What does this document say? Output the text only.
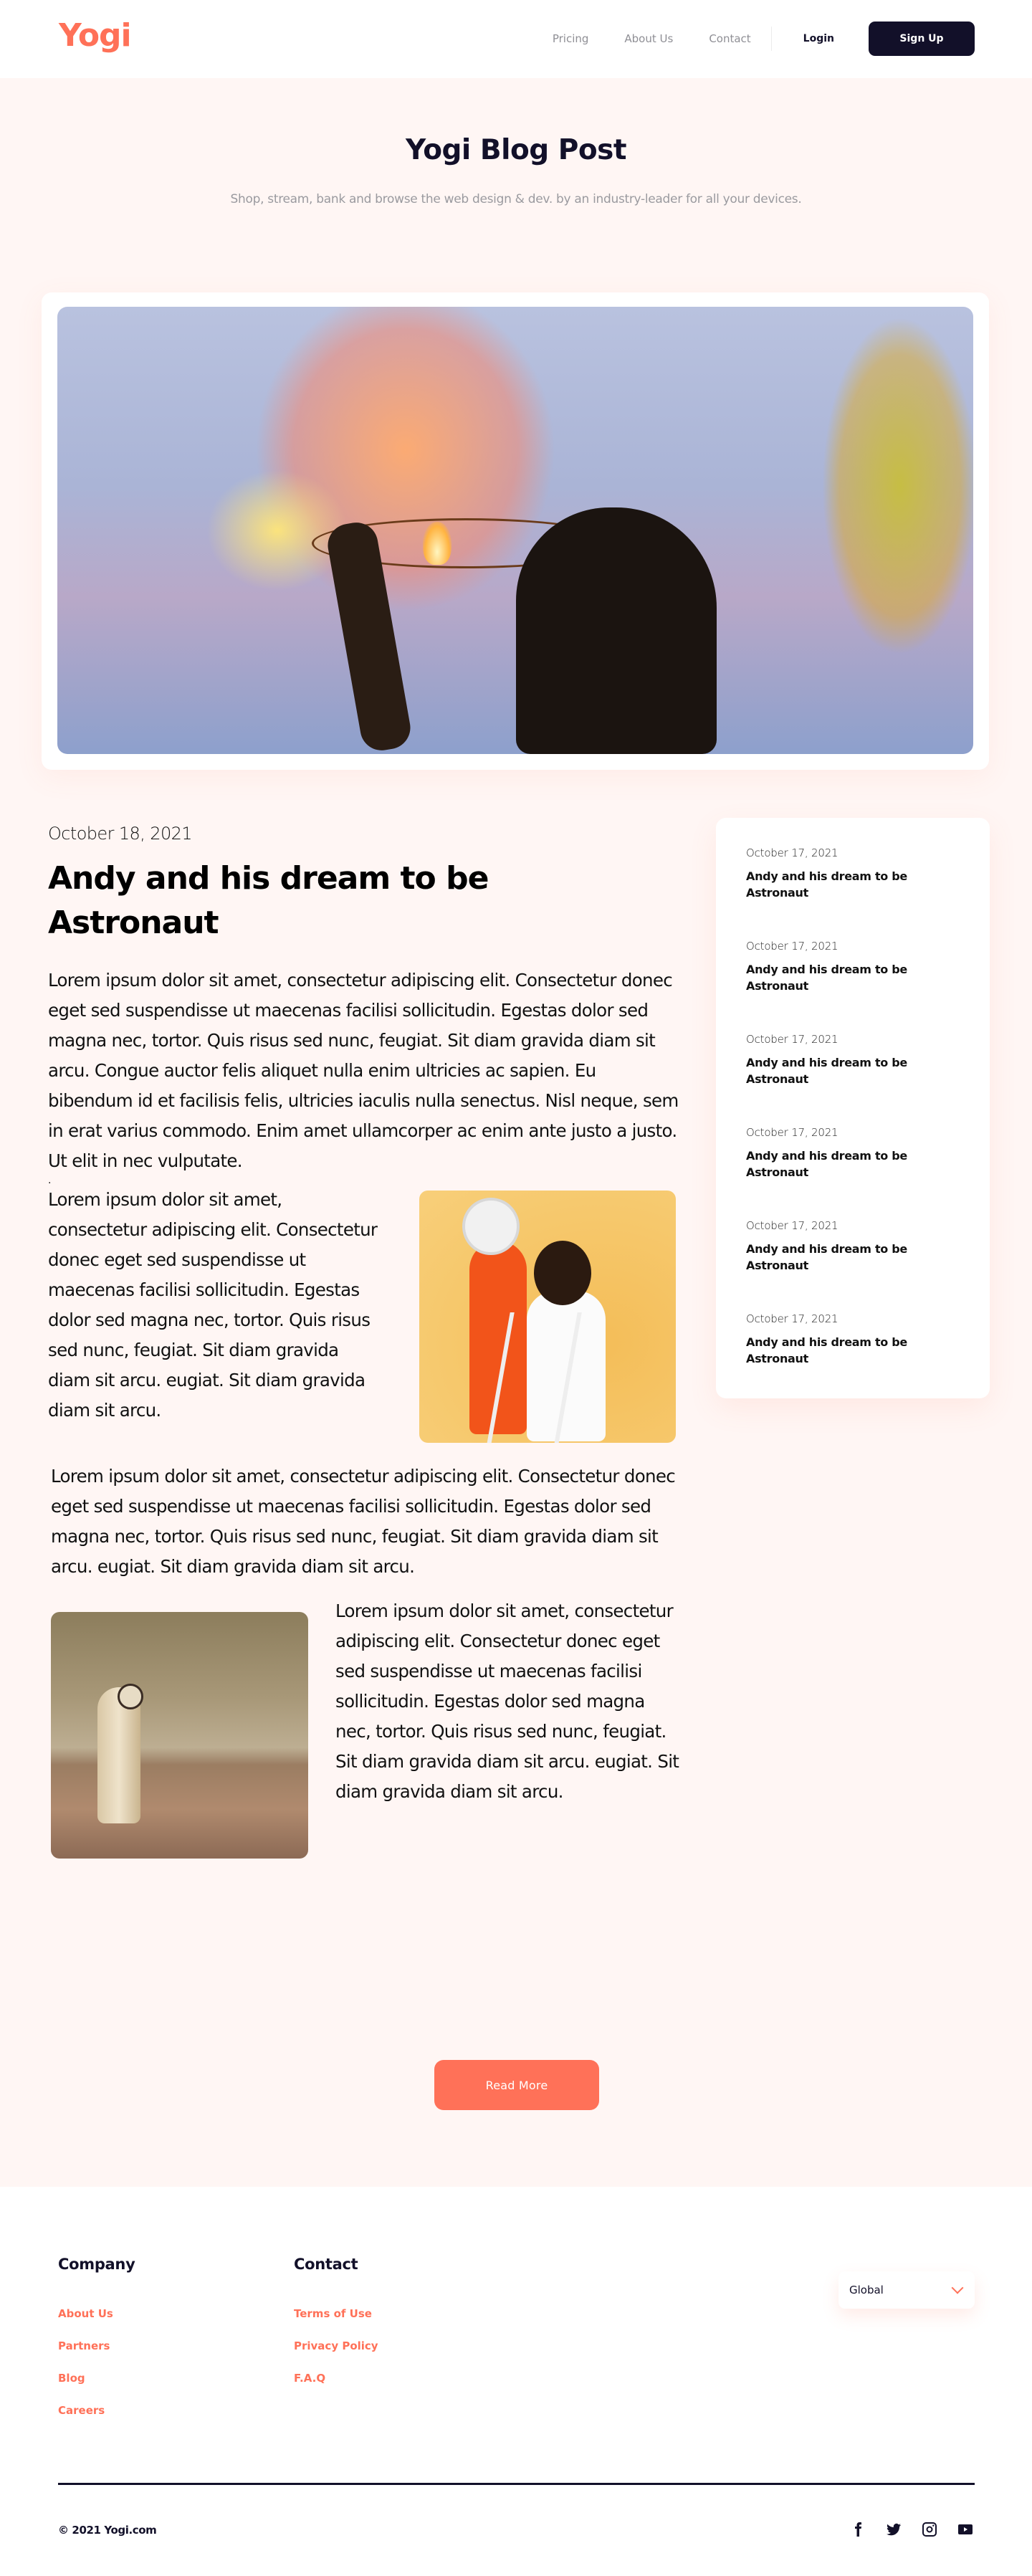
Yogi	Pricing	About Us	Contact	Login	Sign Up
Yogi Blog Post

Shop, stream, bank and browse the web design & dev. by an industry-leader for all your devices.

October 18, 2021
Andy and his dream to be Astronaut

Lorem ipsum dolor sit amet, consectetur adipiscing elit. Consectetur donec eget sed suspendisse ut maecenas facilisi sollicitudin. Egestas dolor sed magna nec, tortor. Quis risus sed nunc, feugiat. Sit diam gravida diam sit arcu. Congue auctor felis aliquet nulla enim ultricies ac sapien. Eu bibendum id et facilisis felis, ultricies iaculis nulla senectus. Nisl neque, sem in erat varius commodo. Enim amet ullamcorper ac enim ante justo a justo. Ut elit in nec vulputate.

.

Lorem ipsum dolor sit amet, consectetur adipiscing elit. Consectetur donec eget sed suspendisse ut maecenas facilisi sollicitudin. Egestas dolor sed magna nec, tortor. Quis risus sed nunc, feugiat. Sit diam gravida diam sit arcu. eugiat. Sit diam gravida diam sit arcu.

Lorem ipsum dolor sit amet, consectetur adipiscing elit. Consectetur donec eget sed suspendisse ut maecenas facilisi sollicitudin. Egestas dolor sed magna nec, tortor. Quis risus sed nunc, feugiat. Sit diam gravida diam sit arcu. eugiat. Sit diam gravida diam sit arcu.

Lorem ipsum dolor sit amet, consectetur adipiscing elit. Consectetur donec eget sed suspendisse ut maecenas facilisi sollicitudin. Egestas dolor sed magna nec, tortor. Quis risus sed nunc, feugiat. Sit diam gravida diam sit arcu. eugiat. Sit diam gravida diam sit arcu.

October 17, 2021
Andy and his dream to be Astronaut
October 17, 2021
Andy and his dream to be Astronaut
October 17, 2021
Andy and his dream to be Astronaut
October 17, 2021
Andy and his dream to be Astronaut
October 17, 2021
Andy and his dream to be Astronaut
October 17, 2021
Andy and his dream to be Astronaut
Read More
Company
About Us
Partners
Blog
Careers
Contact
Terms of Use
Privacy Policy
F.A.Q
Global
© 2021 Yogi.com
